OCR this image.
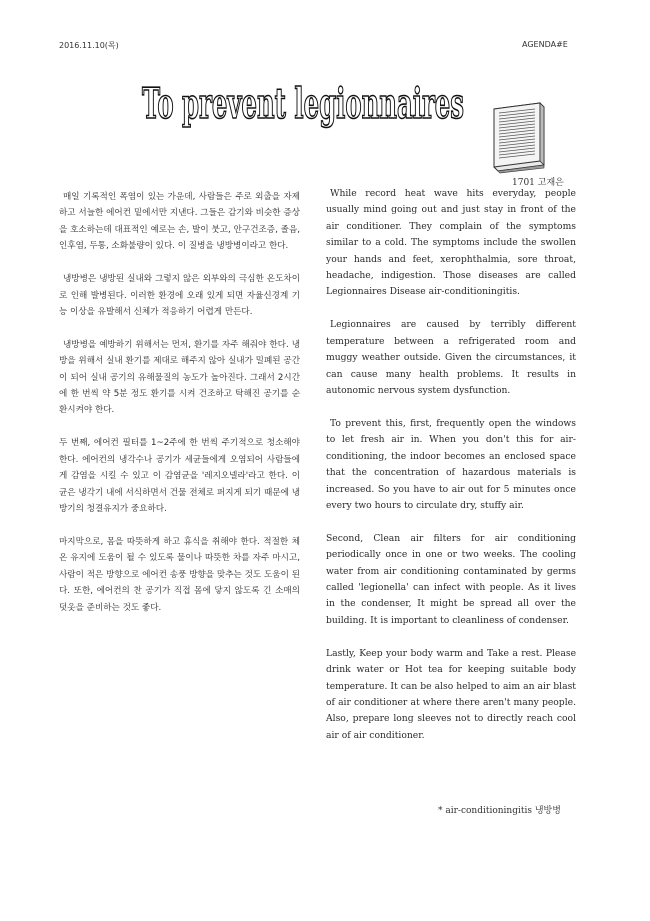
2016.11.10(목)	AGENDA#E
To prevent legionnaires
1701 고재은

매일 기록적인 폭염이 있는 가운데, 사람들은 주로 외출을 자제하고 서늘한 에어컨 밑에서만 지낸다. 그들은 감기와 비슷한 증상을 호소하는데 대표적인 예로는 손, 발이 붓고, 안구건조증, 졸음, 인후염, 두통, 소화불량이 있다. 이 질병을 냉방병이라고 한다.

냉방병은 냉방된 실내와 그렇지 않은 외부와의 극심한 온도차이로 인해 발병된다. 이러한 환경에 오래 있게 되면 자율신경계 기능 이상을 유발해서 신체가 적응하기 어렵게 만든다.

냉방병을 예방하기 위해서는 먼저, 환기를 자주 해줘야 한다. 냉방을 위해서 실내 환기를 제대로 해주지 않아 실내가 밀폐된 공간이 되어 실내 공기의 유해물질의 농도가 높아진다. 그래서 2시간에 한 번씩 약 5분 정도 환기를 시켜 건조하고 탁해진 공기를 순환시켜야 한다.

두 번째, 에어컨 필터를 1~2주에 한 번씩 주기적으로 청소해야 한다. 에어컨의 냉각수나 공기가 세균들에게 오염되어 사람들에게 감염을 시킬 수 있고 이 감염균을 '레지오넬라'라고 한다. 이 균은 냉각기 내에 서식하면서 건물 전체로 퍼지게 되기 때문에 냉방기의 청결유지가 중요하다.

마지막으로, 몸을 따뜻하게 하고 휴식을 취해야 한다. 적절한 체온 유지에 도움이 될 수 있도록 물이나 따뜻한 차를 자주 마시고, 사람이 적은 방향으로 에어컨 송풍 방향을 맞추는 것도 도움이 된다. 또한, 에어컨의 찬 공기가 직접 몸에 닿지 않도록 긴 소매의 덧옷을 준비하는 것도 좋다.

While record heat wave hits everyday, people usually mind going out and just stay in front of the air conditioner. They complain of the symptoms similar to a cold. The symptoms include the swollen your hands and feet, xerophthalmia, sore throat, headache, indigestion. Those diseases are called Legionnaires Disease air-conditioningitis.

Legionnaires are caused by terribly different temperature between a refrigerated room and muggy weather outside. Given the circumstances, it can cause many health problems. It results in autonomic nervous system dysfunction.

To prevent this, first, frequently open the windows to let fresh air in. When you don't this for air-conditioning, the indoor becomes an enclosed space that the concentration of hazardous materials is increased. So you have to air out for 5 minutes once every two hours to circulate dry, stuffy air.

Second, Clean air filters for air conditioning periodically once in one or two weeks. The cooling water from air conditioning contaminated by germs called 'legionella' can infect with people. As it lives in the condenser, It might be spread all over the building. It is important to cleanliness of condenser.

Lastly, Keep your body warm and Take a rest. Please drink water or Hot tea for keeping suitable body temperature. It can be also helped to aim an air blast of air conditioner at where there aren't many people. Also, prepare long sleeves not to directly reach cool air of air conditioner.

* air-conditioningitis 냉방병
